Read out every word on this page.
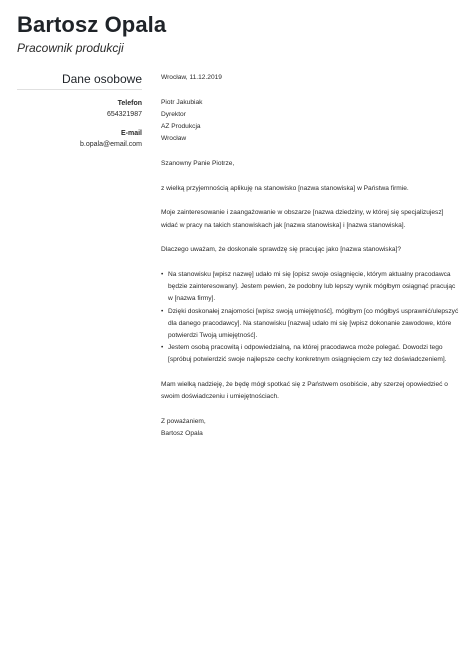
Bartosz Opala
Pracownik produkcji
Dane osobowe
Telefon
654321987
E-mail
b.opala@email.com

Wrocław, 11.12.2019

Piotr Jakubiak

Dyrektor

AZ Produkcja

Wrocław

Szanowny Panie Piotrze,

z wielką przyjemnością aplikuję na stanowisko [nazwa stanowiska] w Państwa firmie.

Moje zainteresowanie i zaangażowanie w obszarze [nazwa dziedziny, w której się specjalizujesz] widać w pracy na takich stanowiskach jak [nazwa stanowiska] i [nazwa stanowiska].

Dlaczego uważam, że doskonale sprawdzę się pracując jako [nazwa stanowiska]?

• Na stanowisku [wpisz nazwę] udało mi się [opisz swoje osiągnięcie, którym aktualny pracodawca będzie zainteresowany]. Jestem pewien, że podobny lub lepszy wynik mógłbym osiągnąć pracując w [nazwa firmy].
• Dzięki doskonałej znajomości [wpisz swoją umiejętność], mógłbym [co mógłbyś usprawnić/ulepszyć dla danego pracodawcy]. Na stanowisku [nazwa] udało mi się [wpisz dokonanie zawodowe, które potwierdzi Twoją umiejętność].
• Jestem osobą pracowitą i odpowiedzialną, na której pracodawca może polegać. Dowodzi tego [spróbuj potwierdzić swoje najlepsze cechy konkretnym osiągnięciem czy też doświadczeniem].

Mam wielką nadzieję, że będę mógł spotkać się z Państwem osobiście, aby szerzej opowiedzieć o swoim doświadczeniu i umiejętnościach.

Z poważaniem,

Bartosz Opala
